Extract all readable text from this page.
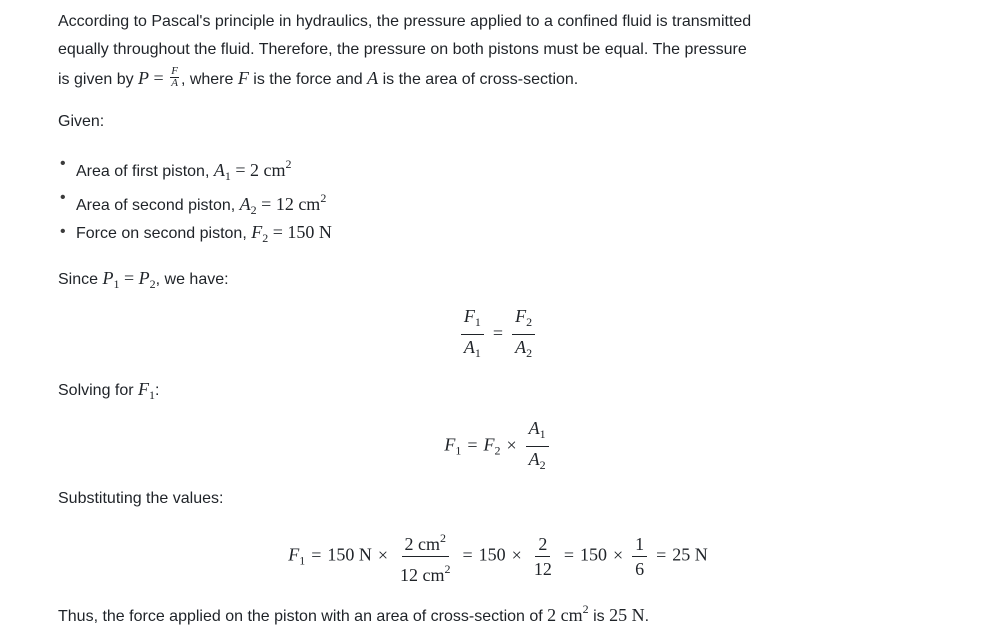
According to Pascal's principle in hydraulics, the pressure applied to a confined fluid is transmitted

equally throughout the fluid. Therefore, the pressure on both pistons must be equal. The pressure

is given by $P = \frac{F}{A}$ , where F is the force and A is the area of cross-section.

Given:

• Area of first piston, $A_1 = 2$ $cm^2$
• Area of second piston, $A_2 = 12$ $cm^2$
• Force on second piston, $F_2 = 150$ N

Since $P_1 = P_2$, we have:

$\frac{F_1}{A_1} = \frac{F_2}{A_2}$

Solving for $F_1$:

$F_1 = F_2 \times \frac{A_1}{A_2}$

Substituting the values:

$F_1 = 150$ $N \times \frac{2 cm^2}{12 cm^2} = 150 \times \frac{2}{12} = 150 \times \frac{1}{6} = 25$ N

Thus, the force applied on the piston with an area of cross-section of 2 $cm^2$ is 25 N.
